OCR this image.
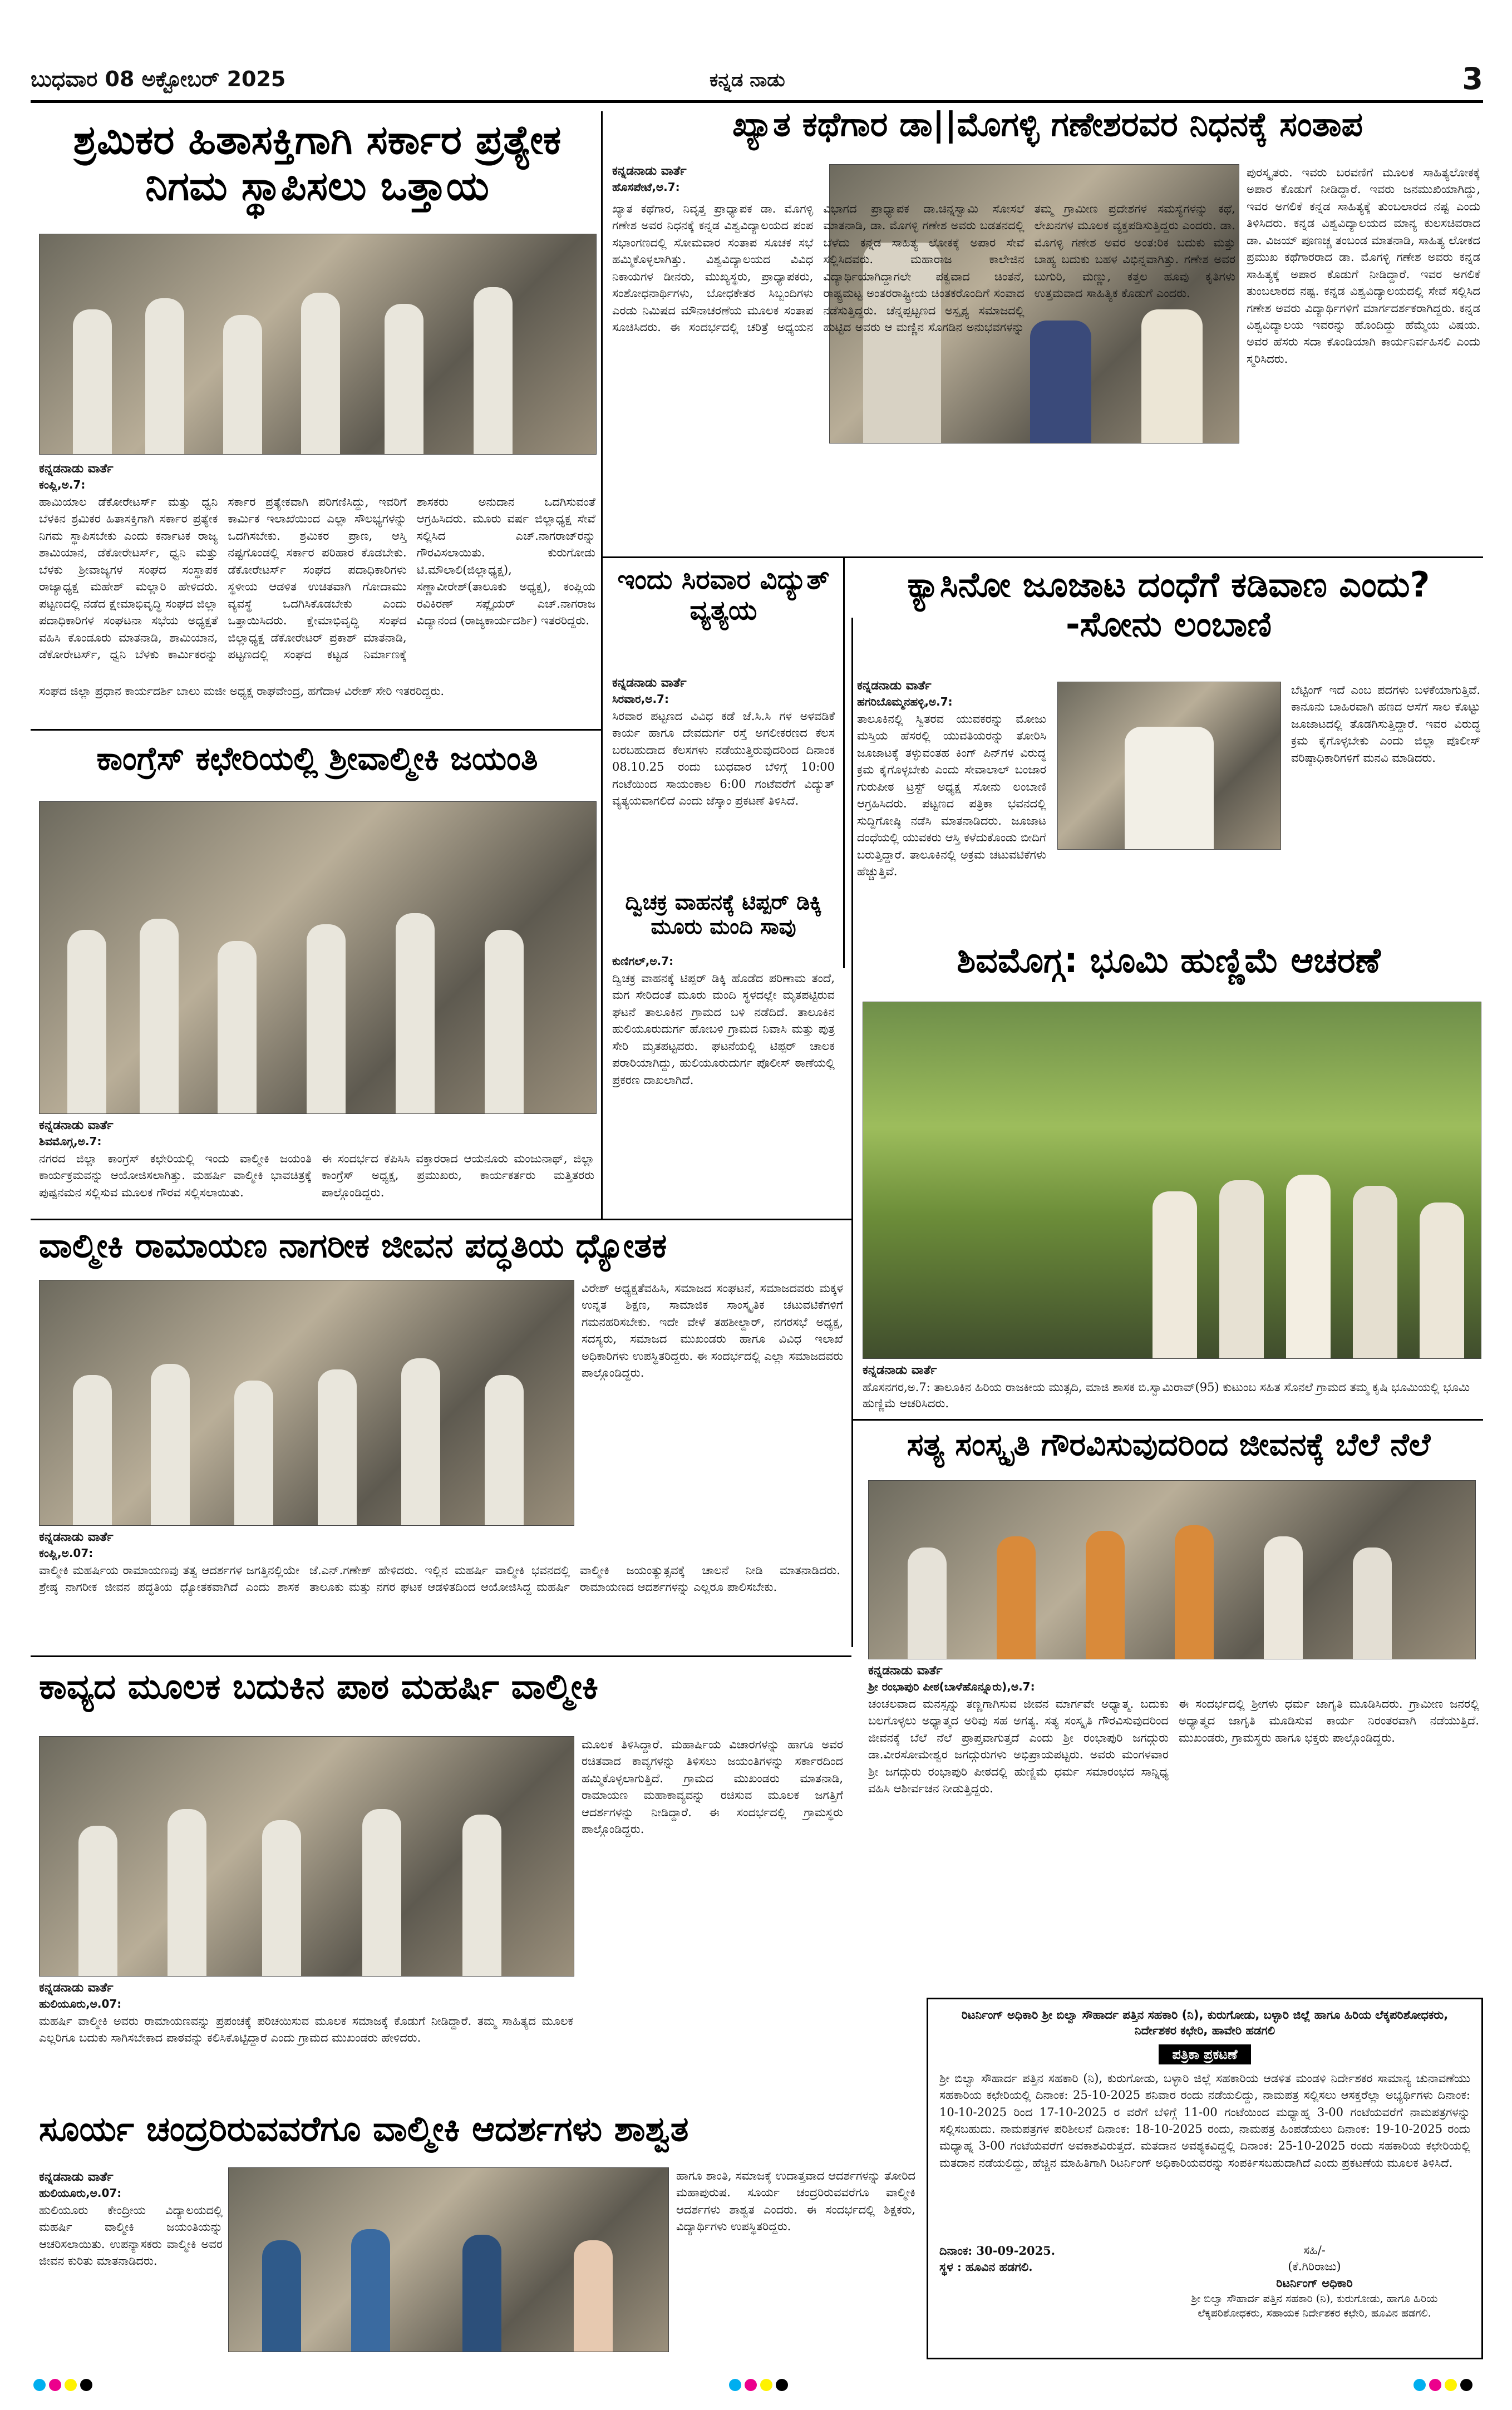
ಬುಧವಾರ 08 ಅಕ್ಟೋಬರ್ 2025	ಕನ್ನಡ ನಾಡು	3
ಶ್ರಮಿಕರ ಹಿತಾಸಕ್ತಿಗಾಗಿ ಸರ್ಕಾರ ಪ್ರತ್ಯೇಕ ನಿಗಮ ಸ್ಥಾಪಿಸಲು ಒತ್ತಾಯ
ಕನ್ನಡನಾಡು ವಾರ್ತೆ
ಕಂಪ್ಲಿ,ಅ.7:
ಹಾಮಿಯಾಲ ಡೆಕೋರೇಟರ್ಸ್ ಮತ್ತು ಧ್ವನಿ ಬೆಳಕಿನ ಶ್ರಮಿಕರ ಹಿತಾಸಕ್ತಿಗಾಗಿ ಸರ್ಕಾರ ಪ್ರತ್ಯೇಕ ನಿಗಮ ಸ್ಥಾಪಿಸಬೇಕು ಎಂದು ಕರ್ನಾಟಕ ರಾಜ್ಯ ಶಾಮಿಯಾನ, ಡೆಕೋರೇಟರ್ಸ್, ಧ್ವನಿ ಮತ್ತು ಬೆಳಕು ಶ್ರೀವಾಜ್ಯಗಳ ಸಂಘದ ಸಂಸ್ಥಾಪಕ ರಾಜ್ಯಾಧ್ಯಕ್ಷ ಮಹೇಶ್ ಮಲ್ಲಾರಿ ಹೇಳಿದರು. ಪಟ್ಟಣದಲ್ಲಿ ನಡೆದ ಕ್ಷೇಮಾಭಿವೃದ್ಧಿ ಸಂಘದ ಜಿಲ್ಲಾ ಪದಾಧಿಕಾರಿಗಳ ಸಂಘಟನಾ ಸಭೆಯ ಅಧ್ಯಕ್ಷತೆ ವಹಿಸಿ ಕೊಂಡೂರು ಮಾತನಾಡಿ, ಶಾಮಿಯಾನ, ಡೆಕೋರೇಟರ್ಸ್, ಧ್ವನಿ ಬೆಳಕು ಕಾರ್ಮಿಕರನ್ನು ಸರ್ಕಾರ ಪ್ರತ್ಯೇಕವಾಗಿ ಪರಿಗಣಿಸಿದ್ದು, ಇವರಿಗೆ ಕಾರ್ಮಿಕ ಇಲಾಖೆಯಿಂದ ಎಲ್ಲಾ ಸೌಲಭ್ಯಗಳನ್ನು ಒದಗಿಸಬೇಕು. ಶ್ರಮಿಕರ ಪ್ರಾಣ, ಆಸ್ತಿ ನಷ್ಟಗೊಂಡಲ್ಲಿ ಸರ್ಕಾರ ಪರಿಹಾರ ಕೊಡಬೇಕು. ಡೆಕೋರೇಟರ್ಸ್ ಸಂಘದ ಪದಾಧಿಕಾರಿಗಳು ಸ್ಥಳೀಯ ಆಡಳಿತ ಉಚಿತವಾಗಿ ಗೋದಾಮು ವ್ಯವಸ್ಥೆ ಒದಗಿಸಿಕೊಡಬೇಕು ಎಂದು ಒತ್ತಾಯಿಸಿದರು. ಕ್ಷೇಮಾಭಿವೃದ್ಧಿ ಸಂಘದ ಜಿಲ್ಲಾಧ್ಯಕ್ಷ ಡೆಕೋರೇಟರ್ ಪ್ರಕಾಶ್ ಮಾತನಾಡಿ, ಪಟ್ಟಣದಲ್ಲಿ ಸಂಘದ ಕಟ್ಟಡ ನಿರ್ಮಾಣಕ್ಕೆ ಶಾಸಕರು ಅನುದಾನ ಒದಗಿಸುವಂತೆ ಆಗ್ರಹಿಸಿದರು. ಮೂರು ವರ್ಷ ಜಿಲ್ಲಾಧ್ಯಕ್ಷ ಸೇವೆ ಸಲ್ಲಿಸಿದ ಎಚ್.ನಾಗರಾಜ್‌ರನ್ನು ಗೌರವಿಸಲಾಯಿತು. ಕುರುಗೋಡು ಟಿ.ಮೌಲಾಲಿ(ಜಿಲ್ಲಾಧ್ಯಕ್ಷ), ಸಣ್ಣಾವೀರೇಶ್(ತಾಲೂಕು ಅಧ್ಯಕ್ಷ), ಕಂಪ್ಲಿಯ ರವಿಕಿರಣ್ ಸಪ್ಲೈಯರ್ ಎಚ್.ನಾಗರಾಜ ವಿದ್ಯಾನಂದ (ರಾಜ್ಯಕಾರ್ಯದರ್ಶಿ) ಇತರರಿದ್ದರು.
ಸಂಘದ ಜಿಲ್ಲಾ ಪ್ರಧಾನ ಕಾರ್ಯದರ್ಶಿ ಬಾಲು ಮಜೀ ಅಧ್ಯಕ್ಷ ರಾಘವೇಂದ್ರ, ಹಗೆದಾಳ ವಿರೇಶ್ ಸೇರಿ ಇತರರಿದ್ದರು.
ಕಾಂಗ್ರೆಸ್ ಕಛೇರಿಯಲ್ಲಿ ಶ್ರೀವಾಲ್ಮೀಕಿ ಜಯಂತಿ
ಕನ್ನಡನಾಡು ವಾರ್ತೆ
ಶಿವಮೊಗ್ಗ,ಅ.7:
ನಗರದ ಜಿಲ್ಲಾ ಕಾಂಗ್ರೆಸ್ ಕಛೇರಿಯಲ್ಲಿ ಇಂದು ವಾಲ್ಮೀಕಿ ಜಯಂತಿ ಕಾರ್ಯಕ್ರಮವನ್ನು ಆಯೋಜಿಸಲಾಗಿತ್ತು. ಮಹರ್ಷಿ ವಾಲ್ಮೀಕಿ ಭಾವಚಿತ್ರಕ್ಕೆ ಪುಷ್ಪನಮನ ಸಲ್ಲಿಸುವ ಮೂಲಕ ಗೌರವ ಸಲ್ಲಿಸಲಾಯಿತು.
ಈ ಸಂದರ್ಭದ ಕೆಪಿಸಿಸಿ ವಕ್ತಾರರಾದ ಆಯನೂರು ಮಂಜುನಾಥ್, ಜಿಲ್ಲಾ ಕಾಂಗ್ರೆಸ್ ಅಧ್ಯಕ್ಷ, ಪ್ರಮುಖರು, ಕಾರ್ಯಕರ್ತರು ಮತ್ತಿತರರು ಪಾಲ್ಗೊಂಡಿದ್ದರು.
ಖ್ಯಾತ ಕಥೆಗಾರ ಡಾ||ಮೊಗಳ್ಳಿ ಗಣೇಶರವರ ನಿಧನಕ್ಕೆ ಸಂತಾಪ
ಕನ್ನಡನಾಡು ವಾರ್ತೆ
ಹೊಸಪೇಟೆ,ಅ.7:
ಖ್ಯಾತ ಕಥೆಗಾರ, ನಿವೃತ್ತ ಪ್ರಾಧ್ಯಾಪಕ ಡಾ. ಮೊಗಳ್ಳಿ ಗಣೇಶ ಅವರ ನಿಧನಕ್ಕೆ ಕನ್ನಡ ವಿಶ್ವವಿದ್ಯಾಲಯದ ಪಂಪ ಸಭಾಂಗಣದಲ್ಲಿ ಸೋಮವಾರ ಸಂತಾಪ ಸೂಚಕ ಸಭೆ ಹಮ್ಮಿಕೊಳ್ಳಲಾಗಿತ್ತು. ವಿಶ್ವವಿದ್ಯಾಲಯದ ವಿವಿಧ ನಿಕಾಯಗಳ ಡೀನರು, ಮುಖ್ಯಸ್ಥರು, ಪ್ರಾಧ್ಯಾಪಕರು, ಸಂಶೋಧನಾರ್ಥಿಗಳು, ಬೋಧಕೇತರ ಸಿಬ್ಬಂದಿಗಳು ಎರಡು ನಿಮಿಷದ ಮೌನಾಚರಣೆಯ ಮೂಲಕ ಸಂತಾಪ ಸೂಚಿಸಿದರು. ಈ ಸಂದರ್ಭದಲ್ಲಿ ಚರಿತ್ರೆ ಅಧ್ಯಯನ ವಿಭಾಗದ ಪ್ರಾಧ್ಯಾಪಕ ಡಾ.ಚಿನ್ನಸ್ವಾಮಿ ಸೋಸಲೆ ಮಾತನಾಡಿ, ಡಾ. ಮೊಗಳ್ಳಿ ಗಣೇಶ ಅವರು ಬಡತನದಲ್ಲಿ ಬೆಳೆದು ಕನ್ನಡ ಸಾಹಿತ್ಯ ಲೋಕಕ್ಕೆ ಅಪಾರ ಸೇವೆ ಸಲ್ಲಿಸಿದವರು. ಮಹಾರಾಜ ಕಾಲೇಜಿನ ವಿದ್ಯಾರ್ಥಿಯಾಗಿದ್ದಾಗಲೇ ಪಕ್ವವಾದ ಚಿಂತನೆ, ರಾಷ್ಟ್ರಮಟ್ಟ ಅಂತರರಾಷ್ಟ್ರೀಯ ಚಿಂತಕರೊಂದಿಗೆ ಸಂವಾದ ನಡೆಸುತ್ತಿದ್ದರು. ಚೆನ್ನಪ್ಪಟ್ಟಣದ ಅಸ್ಪೃಶ್ಯ ಸಮಾಜದಲ್ಲಿ ಹುಟ್ಟಿದ ಅವರು ಆ ಮಣ್ಣಿನ ಸೊಗಡಿನ ಅನುಭವಗಳನ್ನು ತಮ್ಮ ಗ್ರಾಮೀಣ ಪ್ರದೇಶಗಳ ಸಮಸ್ಯೆಗಳನ್ನು ಕಥೆ, ಲೇಖನಗಳ ಮೂಲಕ ವ್ಯಕ್ತಪಡಿಸುತ್ತಿದ್ದರು ಎಂದರು. ಡಾ. ಮೊಗಳ್ಳಿ ಗಣೇಶ ಅವರ ಅಂತ:ರಿಕ ಬದುಕು ಮತ್ತು ಬಾಹ್ಯ ಬದುಕು ಬಹಳ ವಿಭಿನ್ನವಾಗಿತ್ತು. ಗಣೇಶ ಅವರ ಬುಗುರಿ, ಮಣ್ಣು, ಕತ್ತಲ ಹೂವು ಕೃತಿಗಳು ಉತ್ತಮವಾದ ಸಾಹಿತ್ಯಿಕ ಕೊಡುಗೆ ಎಂದರು.
ಪುರಸ್ಕೃತರು. ಇವರು ಬರವಣಿಗೆ ಮೂಲಕ ಸಾಹಿತ್ಯಲೋಕಕ್ಕೆ ಅಪಾರ ಕೊಡುಗೆ ನೀಡಿದ್ದಾರೆ. ಇವರು ಜನಮುಖಿಯಾಗಿದ್ದು, ಇವರ ಅಗಲಿಕೆ ಕನ್ನಡ ಸಾಹಿತ್ಯಕ್ಕೆ ತುಂಬಲಾರದ ನಷ್ಟ ಎಂದು ತಿಳಿಸಿದರು. ಕನ್ನಡ ವಿಶ್ವವಿದ್ಯಾಲಯದ ಮಾನ್ಯ ಕುಲಸಚಿವರಾದ ಡಾ. ವಿಜಯ್ ಪೂಣಚ್ಚ ತಂಬಂಡ ಮಾತನಾಡಿ, ಸಾಹಿತ್ಯ ಲೋಕದ ಪ್ರಮುಖ ಕಥೆಗಾರರಾದ ಡಾ. ಮೊಗಳ್ಳಿ ಗಣೇಶ ಅವರು ಕನ್ನಡ ಸಾಹಿತ್ಯಕ್ಕೆ ಅಪಾರ ಕೊಡುಗೆ ನೀಡಿದ್ದಾರೆ. ಇವರ ಅಗಲಿಕೆ ತುಂಬಲಾರದ ನಷ್ಟ. ಕನ್ನಡ ವಿಶ್ವವಿದ್ಯಾಲಯದಲ್ಲಿ ಸೇವೆ ಸಲ್ಲಿಸಿದ ಗಣೇಶ ಅವರು ವಿದ್ಯಾರ್ಥಿಗಳಿಗೆ ಮಾರ್ಗದರ್ಶಕರಾಗಿದ್ದರು. ಕನ್ನಡ ವಿಶ್ವವಿದ್ಯಾಲಯ ಇವರನ್ನು ಹೊಂದಿದ್ದು ಹೆಮ್ಮೆಯ ವಿಷಯ. ಅವರ ಹೆಸರು ಸದಾ ಕೊಂಡಿಯಾಗಿ ಕಾರ್ಯನಿರ್ವಹಿಸಲಿ ಎಂದು ಸ್ಮರಿಸಿದರು.
ಇಂದು ಸಿರವಾರ ವಿದ್ಯುತ್ ವ್ಯತ್ಯಯ
ಕನ್ನಡನಾಡು ವಾರ್ತೆ
ಸಿರವಾರ,ಅ.7:
ಸಿರವಾರ ಪಟ್ಟಣದ ವಿವಿಧ ಕಡೆ ಜೆ.ಸಿ.ಸಿ ಗಳ ಅಳವಡಿಕೆ ಕಾರ್ಯ ಹಾಗೂ ದೇವದುರ್ಗ ರಸ್ತೆ ಅಗಲೀಕರಣದ ಕೆಲಸ ಬರಬಹುದಾದ ಕೆಲಸಗಳು ನಡೆಯುತ್ತಿರುವುದರಿಂದ ದಿನಾಂಕ 08.10.25 ರಂದು ಬುಧವಾರ ಬೆಳಿಗ್ಗೆ 10:00 ಗಂಟೆಯಿಂದ ಸಾಯಂಕಾಲ 6:00 ಗಂಟೆವರೆಗೆ ವಿದ್ಯುತ್ ವ್ಯತ್ಯಯವಾಗಲಿದೆ ಎಂದು ಜೆಸ್ಕಾಂ ಪ್ರಕಟಣೆ ತಿಳಿಸಿದೆ.
ದ್ವಿಚಕ್ರ ವಾಹನಕ್ಕೆ ಟಿಪ್ಪರ್ ಡಿಕ್ಕಿ ಮೂರು ಮಂದಿ ಸಾವು
ಕುಣಿಗಲ್,ಅ.7:
ದ್ವಿಚಕ್ರ ವಾಹನಕ್ಕೆ ಟಿಪ್ಪರ್ ಡಿಕ್ಕಿ ಹೊಡೆದ ಪರಿಣಾಮ ತಂದೆ, ಮಗ ಸೇರಿದಂತೆ ಮೂರು ಮಂದಿ ಸ್ಥಳದಲ್ಲೇ ಮೃತಪಟ್ಟಿರುವ ಘಟನೆ ತಾಲೂಕಿನ ಗ್ರಾಮದ ಬಳಿ ನಡೆದಿದೆ. ತಾಲೂಕಿನ ಹುಲಿಯೂರುದುರ್ಗ ಹೋಬಳಿ ಗ್ರಾಮದ ನಿವಾಸಿ ಮತ್ತು ಪುತ್ರ ಸೇರಿ ಮೃತಪಟ್ಟವರು. ಘಟನೆಯಲ್ಲಿ ಟಿಪ್ಪರ್ ಚಾಲಕ ಪರಾರಿಯಾಗಿದ್ದು, ಹುಲಿಯೂರುದುರ್ಗ ಪೊಲೀಸ್ ಠಾಣೆಯಲ್ಲಿ ಪ್ರಕರಣ ದಾಖಲಾಗಿದೆ.
ಕ್ಯಾಸಿನೋ ಜೂಜಾಟ ದಂಧೆಗೆ ಕಡಿವಾಣ ಎಂದು? -ಸೋನು ಲಂಬಾಣಿ
ಕನ್ನಡನಾಡು ವಾರ್ತೆ
ಹಗರಿಬೊಮ್ಮನಹಳ್ಳಿ,ಅ.7:
ತಾಲೂಕಿನಲ್ಲಿ ಸ್ವಿತರವ ಯುವಕರನ್ನು ಮೋಜು ಮಸ್ತಿಯ ಹೆಸರಲ್ಲಿ ಯುವತಿಯರನ್ನು ತೋರಿಸಿ ಜೂಜಾಟಕ್ಕೆ ತಳ್ಳುವಂತಹ ಕಿಂಗ್ ಪಿನ್‌ಗಳ ವಿರುದ್ಧ ಕ್ರಮ ಕೈಗೊಳ್ಳಬೇಕು ಎಂದು ಸೇವಾಲಾಲ್ ಬಂಜಾರ ಗುರುಪೀಠ ಟ್ರಸ್ಟ್ ಅಧ್ಯಕ್ಷ ಸೋನು ಲಂಬಾಣಿ ಆಗ್ರಹಿಸಿದರು. ಪಟ್ಟಣದ ಪತ್ರಿಕಾ ಭವನದಲ್ಲಿ ಸುದ್ದಿಗೋಷ್ಠಿ ನಡೆಸಿ ಮಾತನಾಡಿದರು. ಜೂಜಾಟ ದಂಧೆಯಲ್ಲಿ ಯುವಕರು ಆಸ್ತಿ ಕಳೆದುಕೊಂಡು ಬೀದಿಗೆ ಬರುತ್ತಿದ್ದಾರೆ. ತಾಲೂಕಿನಲ್ಲಿ ಅಕ್ರಮ ಚಟುವಟಿಕೆಗಳು ಹೆಚ್ಚುತ್ತಿವೆ.
ಬೆಟ್ಟಿಂಗ್ ಇದೆ ಎಂಬ ಪದಗಳು ಬಳಕೆಯಾಗುತ್ತಿವೆ. ಕಾನೂನು ಬಾಹಿರವಾಗಿ ಹಣದ ಆಸೆಗೆ ಸಾಲ ಕೊಟ್ಟು ಜೂಜಾಟದಲ್ಲಿ ತೊಡಗಿಸುತ್ತಿದ್ದಾರೆ. ಇವರ ವಿರುದ್ಧ ಕ್ರಮ ಕೈಗೊಳ್ಳಬೇಕು ಎಂದು ಜಿಲ್ಲಾ ಪೊಲೀಸ್ ವರಿಷ್ಠಾಧಿಕಾರಿಗಳಿಗೆ ಮನವಿ ಮಾಡಿದರು.
ಶಿವಮೊಗ್ಗ: ಭೂಮಿ ಹುಣ್ಣಿಮೆ ಆಚರಣೆ
ಕನ್ನಡನಾಡು ವಾರ್ತೆ
ಹೊಸನಗರ,ಅ.7: ತಾಲೂಕಿನ ಹಿರಿಯ ರಾಜಕೀಯ ಮುತ್ಸದಿ, ಮಾಜಿ ಶಾಸಕ ಬಿ.ಸ್ವಾಮಿರಾವ್(95) ಕುಟುಂಬ ಸಹಿತ ಸೊನಲೆ ಗ್ರಾಮದ ತಮ್ಮ ಕೃಷಿ ಭೂಮಿಯಲ್ಲಿ ಭೂಮಿ ಹುಣ್ಣಿಮೆ ಆಚರಿಸಿದರು.
ವಾಲ್ಮೀಕಿ ರಾಮಾಯಣ ನಾಗರೀಕ ಜೀವನ ಪದ್ಧತಿಯ ಧ್ಯೋತಕ
ವಿರೇಶ್ ಅಧ್ಯಕ್ಷತೆವಹಿಸಿ, ಸಮಾಜದ ಸಂಘಟನೆ, ಸಮಾಜದವರು ಮಕ್ಕಳ ಉನ್ನತ ಶಿಕ್ಷಣ, ಸಾಮಾಜಿಕ ಸಾಂಸ್ಕೃತಿಕ ಚಟುವಟಿಕೆಗಳಿಗೆ ಗಮನಹರಿಸಬೇಕು. ಇದೇ ವೇಳೆ ತಹಶೀಲ್ದಾರ್, ನಗರಸಭೆ ಅಧ್ಯಕ್ಷ, ಸದಸ್ಯರು, ಸಮಾಜದ ಮುಖಂಡರು ಹಾಗೂ ವಿವಿಧ ಇಲಾಖೆ ಅಧಿಕಾರಿಗಳು ಉಪಸ್ಥಿತರಿದ್ದರು. ಈ ಸಂದರ್ಭದಲ್ಲಿ ಎಲ್ಲಾ ಸಮಾಜದವರು ಪಾಲ್ಗೊಂಡಿದ್ದರು.
ಕನ್ನಡನಾಡು ವಾರ್ತೆ
ಕಂಪ್ಲಿ,ಅ.07:
ವಾಲ್ಮೀಕಿ ಮಹರ್ಷಿಯ ರಾಮಾಯಣವು ತತ್ವ ಆದರ್ಶಗಳ ಜಗತ್ತಿನಲ್ಲಿಯೇ ಶ್ರೇಷ್ಠ ನಾಗರೀಕ ಜೀವನ ಪದ್ಧತಿಯ ಧ್ಯೋತಕವಾಗಿದೆ ಎಂದು ಶಾಸಕ ಜೆ.ಎನ್.ಗಣೇಶ್ ಹೇಳಿದರು. ಇಲ್ಲಿನ ಮಹರ್ಷಿ ವಾಲ್ಮೀಕಿ ಭವನದಲ್ಲಿ ತಾಲೂಕು ಮತ್ತು ನಗರ ಘಟಕ ಆಡಳಿತದಿಂದ ಆಯೋಜಿಸಿದ್ದ ಮಹರ್ಷಿ ವಾಲ್ಮೀಕಿ ಜಯಂತ್ಯುತ್ಸವಕ್ಕೆ ಚಾಲನೆ ನೀಡಿ ಮಾತನಾಡಿದರು. ರಾಮಾಯಣದ ಆದರ್ಶಗಳನ್ನು ಎಲ್ಲರೂ ಪಾಲಿಸಬೇಕು.
ಸತ್ಯ ಸಂಸ್ಕೃತಿ ಗೌರವಿಸುವುದರಿಂದ ಜೀವನಕ್ಕೆ ಬೆಲೆ ನೆಲೆ
ಕನ್ನಡನಾಡು ವಾರ್ತೆ
ಶ್ರೀ ರಂಭಾಪುರಿ ಪೀಠ(ಬಾಳೆಹೊನ್ನೂರು),ಅ.7:
ಚಂಚಲವಾದ ಮನಸ್ಸನ್ನು ತಣ್ಣಗಾಗಿಸುವ ಜೀವನ ಮಾರ್ಗವೇ ಅಧ್ಯಾತ್ಮ. ಬದುಕು ಬಲಗೊಳ್ಳಲು ಅಧ್ಯಾತ್ಮದ ಅರಿವು ಸಹ ಅಗತ್ಯ. ಸತ್ಯ ಸಂಸ್ಕೃತಿ ಗೌರವಿಸುವುದರಿಂದ ಜೀವನಕ್ಕೆ ಬೆಲೆ ನೆಲೆ ಪ್ರಾಪ್ತವಾಗುತ್ತದೆ ಎಂದು ಶ್ರೀ ರಂಭಾಪುರಿ ಜಗದ್ಗುರು ಡಾ.ವೀರಸೋಮೇಶ್ವರ ಜಗದ್ಗುರುಗಳು ಅಭಿಪ್ರಾಯಪಟ್ಟರು. ಅವರು ಮಂಗಳವಾರ ಶ್ರೀ ಜಗದ್ಗುರು ರಂಭಾಪುರಿ ಪೀಠದಲ್ಲಿ ಹುಣ್ಣಿಮೆ ಧರ್ಮ ಸಮಾರಂಭದ ಸಾನ್ನಿಧ್ಯ ವಹಿಸಿ ಆಶೀರ್ವಚನ ನೀಡುತ್ತಿದ್ದರು.
ಈ ಸಂದರ್ಭದಲ್ಲಿ ಶ್ರೀಗಳು ಧರ್ಮ ಜಾಗೃತಿ ಮೂಡಿಸಿದರು. ಗ್ರಾಮೀಣ ಜನರಲ್ಲಿ ಅಧ್ಯಾತ್ಮದ ಜಾಗೃತಿ ಮೂಡಿಸುವ ಕಾರ್ಯ ನಿರಂತರವಾಗಿ ನಡೆಯುತ್ತಿದೆ. ಮುಖಂಡರು, ಗ್ರಾಮಸ್ಥರು ಹಾಗೂ ಭಕ್ತರು ಪಾಲ್ಗೊಂಡಿದ್ದರು.
ಕಾವ್ಯದ ಮೂಲಕ ಬದುಕಿನ ಪಾಠ ಮಹರ್ಷಿ ವಾಲ್ಮೀಕಿ
ಮೂಲಕ ತಿಳಿಸಿದ್ದಾರೆ. ಮಹಾರ್ಷಿಯ ವಿಚಾರಗಳನ್ನು ಹಾಗೂ ಅವರ ರಚಿತವಾದ ಕಾವ್ಯಗಳನ್ನು ತಿಳಿಸಲು ಜಯಂತಿಗಳನ್ನು ಸರ್ಕಾರದಿಂದ ಹಮ್ಮಿಕೊಳ್ಳಲಾಗುತ್ತಿದೆ. ಗ್ರಾಮದ ಮುಖಂಡರು ಮಾತನಾಡಿ, ರಾಮಾಯಣ ಮಹಾಕಾವ್ಯವನ್ನು ರಚಿಸುವ ಮೂಲಕ ಜಗತ್ತಿಗೆ ಆದರ್ಶಗಳನ್ನು ನೀಡಿದ್ದಾರೆ. ಈ ಸಂದರ್ಭದಲ್ಲಿ ಗ್ರಾಮಸ್ಥರು ಪಾಲ್ಗೊಂಡಿದ್ದರು.
ಕನ್ನಡನಾಡು ವಾರ್ತೆ
ಹುಲಿಯೂರು,ಅ.07:
ಮಹರ್ಷಿ ವಾಲ್ಮೀಕಿ ಅವರು ರಾಮಾಯಣವನ್ನು ಪ್ರಪಂಚಕ್ಕೆ ಪರಿಚಯಿಸುವ ಮೂಲಕ ಸಮಾಜಕ್ಕೆ ಕೊಡುಗೆ ನೀಡಿದ್ದಾರೆ. ತಮ್ಮ ಸಾಹಿತ್ಯದ ಮೂಲಕ ಎಲ್ಲರಿಗೂ ಬದುಕು ಸಾಗಿಸಬೇಕಾದ ಪಾಠವನ್ನು ಕಲಿಸಿಕೊಟ್ಟಿದ್ದಾರೆ ಎಂದು ಗ್ರಾಮದ ಮುಖಂಡರು ಹೇಳಿದರು.
ಸೂರ್ಯ ಚಂದ್ರರಿರುವವರೆಗೂ ವಾಲ್ಮೀಕಿ ಆದರ್ಶಗಳು ಶಾಶ್ವತ
ಕನ್ನಡನಾಡು ವಾರ್ತೆ
ಹುಲಿಯೂರು,ಅ.07:
ಹುಲಿಯೂರು ಕೇಂದ್ರೀಯ ವಿದ್ಯಾಲಯದಲ್ಲಿ ಮಹರ್ಷಿ ವಾಲ್ಮೀಕಿ ಜಯಂತಿಯನ್ನು ಆಚರಿಸಲಾಯಿತು. ಉಪನ್ಯಾಸಕರು ವಾಲ್ಮೀಕಿ ಅವರ ಜೀವನ ಕುರಿತು ಮಾತನಾಡಿದರು.
ಹಾಗೂ ಶಾಂತಿ, ಸಮಾಜಕ್ಕೆ ಉದಾತ್ತವಾದ ಆದರ್ಶಗಳನ್ನು ತೋರಿದ ಮಹಾಪುರುಷ. ಸೂರ್ಯ ಚಂದ್ರರಿರುವವರೆಗೂ ವಾಲ್ಮೀಕಿ ಆದರ್ಶಗಳು ಶಾಶ್ವತ ಎಂದರು. ಈ ಸಂದರ್ಭದಲ್ಲಿ ಶಿಕ್ಷಕರು, ವಿದ್ಯಾರ್ಥಿಗಳು ಉಪಸ್ಥಿತರಿದ್ದರು.
ರಿಟರ್ನಿಂಗ್ ಅಧಿಕಾರಿ ಶ್ರೀ ಬಿಲ್ವಾ ಸೌಹಾರ್ದ ಪತ್ತಿನ ಸಹಕಾರಿ (ನಿ), ಕುರುಗೋಡು, ಬಳ್ಳಾರಿ ಜಿಲ್ಲೆ ಹಾಗೂ ಹಿರಿಯ ಲೆಕ್ಕಪರಿಶೋಧಕರು, ನಿರ್ದೇಶಕರ ಕಛೇರಿ, ಹಾವೇರಿ ಹಡಗಲಿ
ಪತ್ರಿಕಾ ಪ್ರಕಟಣೆ
ಶ್ರೀ ಬಿಲ್ವಾ ಸೌಹಾರ್ದ ಪತ್ತಿನ ಸಹಕಾರಿ (ನಿ), ಕುರುಗೋಡು, ಬಳ್ಳಾರಿ ಜಿಲ್ಲೆ ಸಹಕಾರಿಯ ಆಡಳಿತ ಮಂಡಳಿ ನಿರ್ದೇಶಕರ ಸಾಮಾನ್ಯ ಚುನಾವಣೆಯು ಸಹಕಾರಿಯ ಕಛೇರಿಯಲ್ಲಿ ದಿನಾಂಕ: 25-10-2025 ಶನಿವಾರ ರಂದು ನಡೆಯಲಿದ್ದು, ನಾಮಪತ್ರ ಸಲ್ಲಿಸಲು ಆಸಕ್ತರೆಲ್ಲಾ ಅಭ್ಯರ್ಥಿಗಳು ದಿನಾಂಕ: 10-10-2025 ರಿಂದ 17-10-2025 ರ ವರೆಗೆ ಬೆಳಿಗ್ಗೆ 11-00 ಗಂಟೆಯಿಂದ ಮಧ್ಯಾಹ್ನ 3-00 ಗಂಟೆಯವರೆಗೆ ನಾಮಪತ್ರಗಳನ್ನು ಸಲ್ಲಿಸಬಹುದು. ನಾಮಪತ್ರಗಳ ಪರಿಶೀಲನೆ ದಿನಾಂಕ: 18-10-2025 ರಂದು, ನಾಮಪತ್ರ ಹಿಂಪಡೆಯಲು ದಿನಾಂಕ: 19-10-2025 ರಂದು ಮಧ್ಯಾಹ್ನ 3-00 ಗಂಟೆಯವರೆಗೆ ಅವಕಾಶವಿರುತ್ತದೆ. ಮತದಾನ ಅವಶ್ಯಕವಿದ್ದಲ್ಲಿ ದಿನಾಂಕ: 25-10-2025 ರಂದು ಸಹಕಾರಿಯ ಕಛೇರಿಯಲ್ಲಿ ಮತದಾನ ನಡೆಯಲಿದ್ದು, ಹೆಚ್ಚಿನ ಮಾಹಿತಿಗಾಗಿ ರಿಟರ್ನಿಂಗ್ ಅಧಿಕಾರಿಯವರನ್ನು ಸಂಪರ್ಕಿಸಬಹುದಾಗಿದೆ ಎಂದು ಪ್ರಕಟಣೆಯ ಮೂಲಕ ತಿಳಿಸಿದೆ.
ದಿನಾಂಕ: 30-09-2025.
ಸ್ಥಳ : ಹೂವಿನ ಹಡಗಲಿ.
ಸಹಿ/-
(ಕೆ.ಗಿರಿರಾಜು)
ರಿಟರ್ನಿಂಗ್ ಅಧಿಕಾರಿ
ಶ್ರೀ ಬಿಲ್ವಾ ಸೌಹಾರ್ದ ಪತ್ತಿನ ಸಹಕಾರಿ (ನಿ), ಕುರುಗೋಡು, ಹಾಗೂ ಹಿರಿಯ ಲೆಕ್ಕಪರಿಶೋಧಕರು, ಸಹಾಯಕ ನಿರ್ದೇಶಕರ ಕಛೇರಿ, ಹೂವಿನ ಹಡಗಲಿ.
